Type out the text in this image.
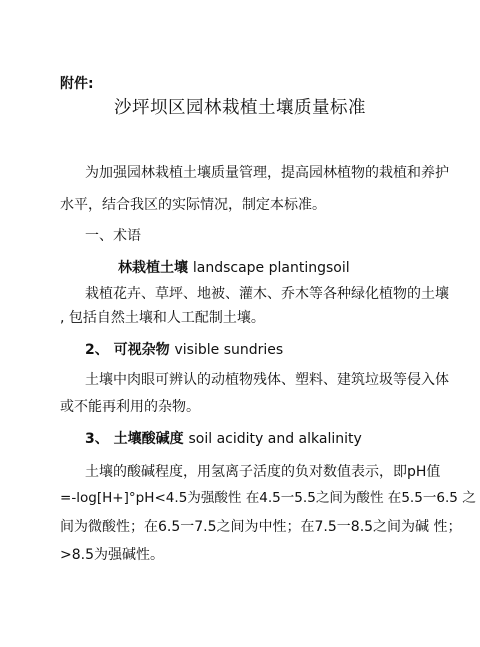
附件:
沙坪坝区园林栽植土壤质量标准
为加强园林栽植土壤质量管理，提高园林植物的栽植和养护
水平，结合我区的实际情况，制定本标准。
一、术语
林栽植土壤 landscape plantingsoil
栽植花卉、草坪、地被、灌木、乔木等各种绿化植物的土壤
, 包括自然土壤和人工配制土壤。
2、 可视杂物 visible sundries
土壤中肉眼可辨认的动植物残体、塑料、建筑垃圾等侵入体
或不能再利用的杂物。
3、 土壤酸碱度 soil acidity and alkalinity
土壤的酸碱程度，用氢离子活度的负对数值表示，即pH值
=-log[H+]°pH<4.5为强酸性 在4.5一5.5之间为酸性 在5.5一6.5 之
间为微酸性；在6.5一7.5之间为中性；在7.5一8.5之间为碱 性；
>8.5为强碱性。
